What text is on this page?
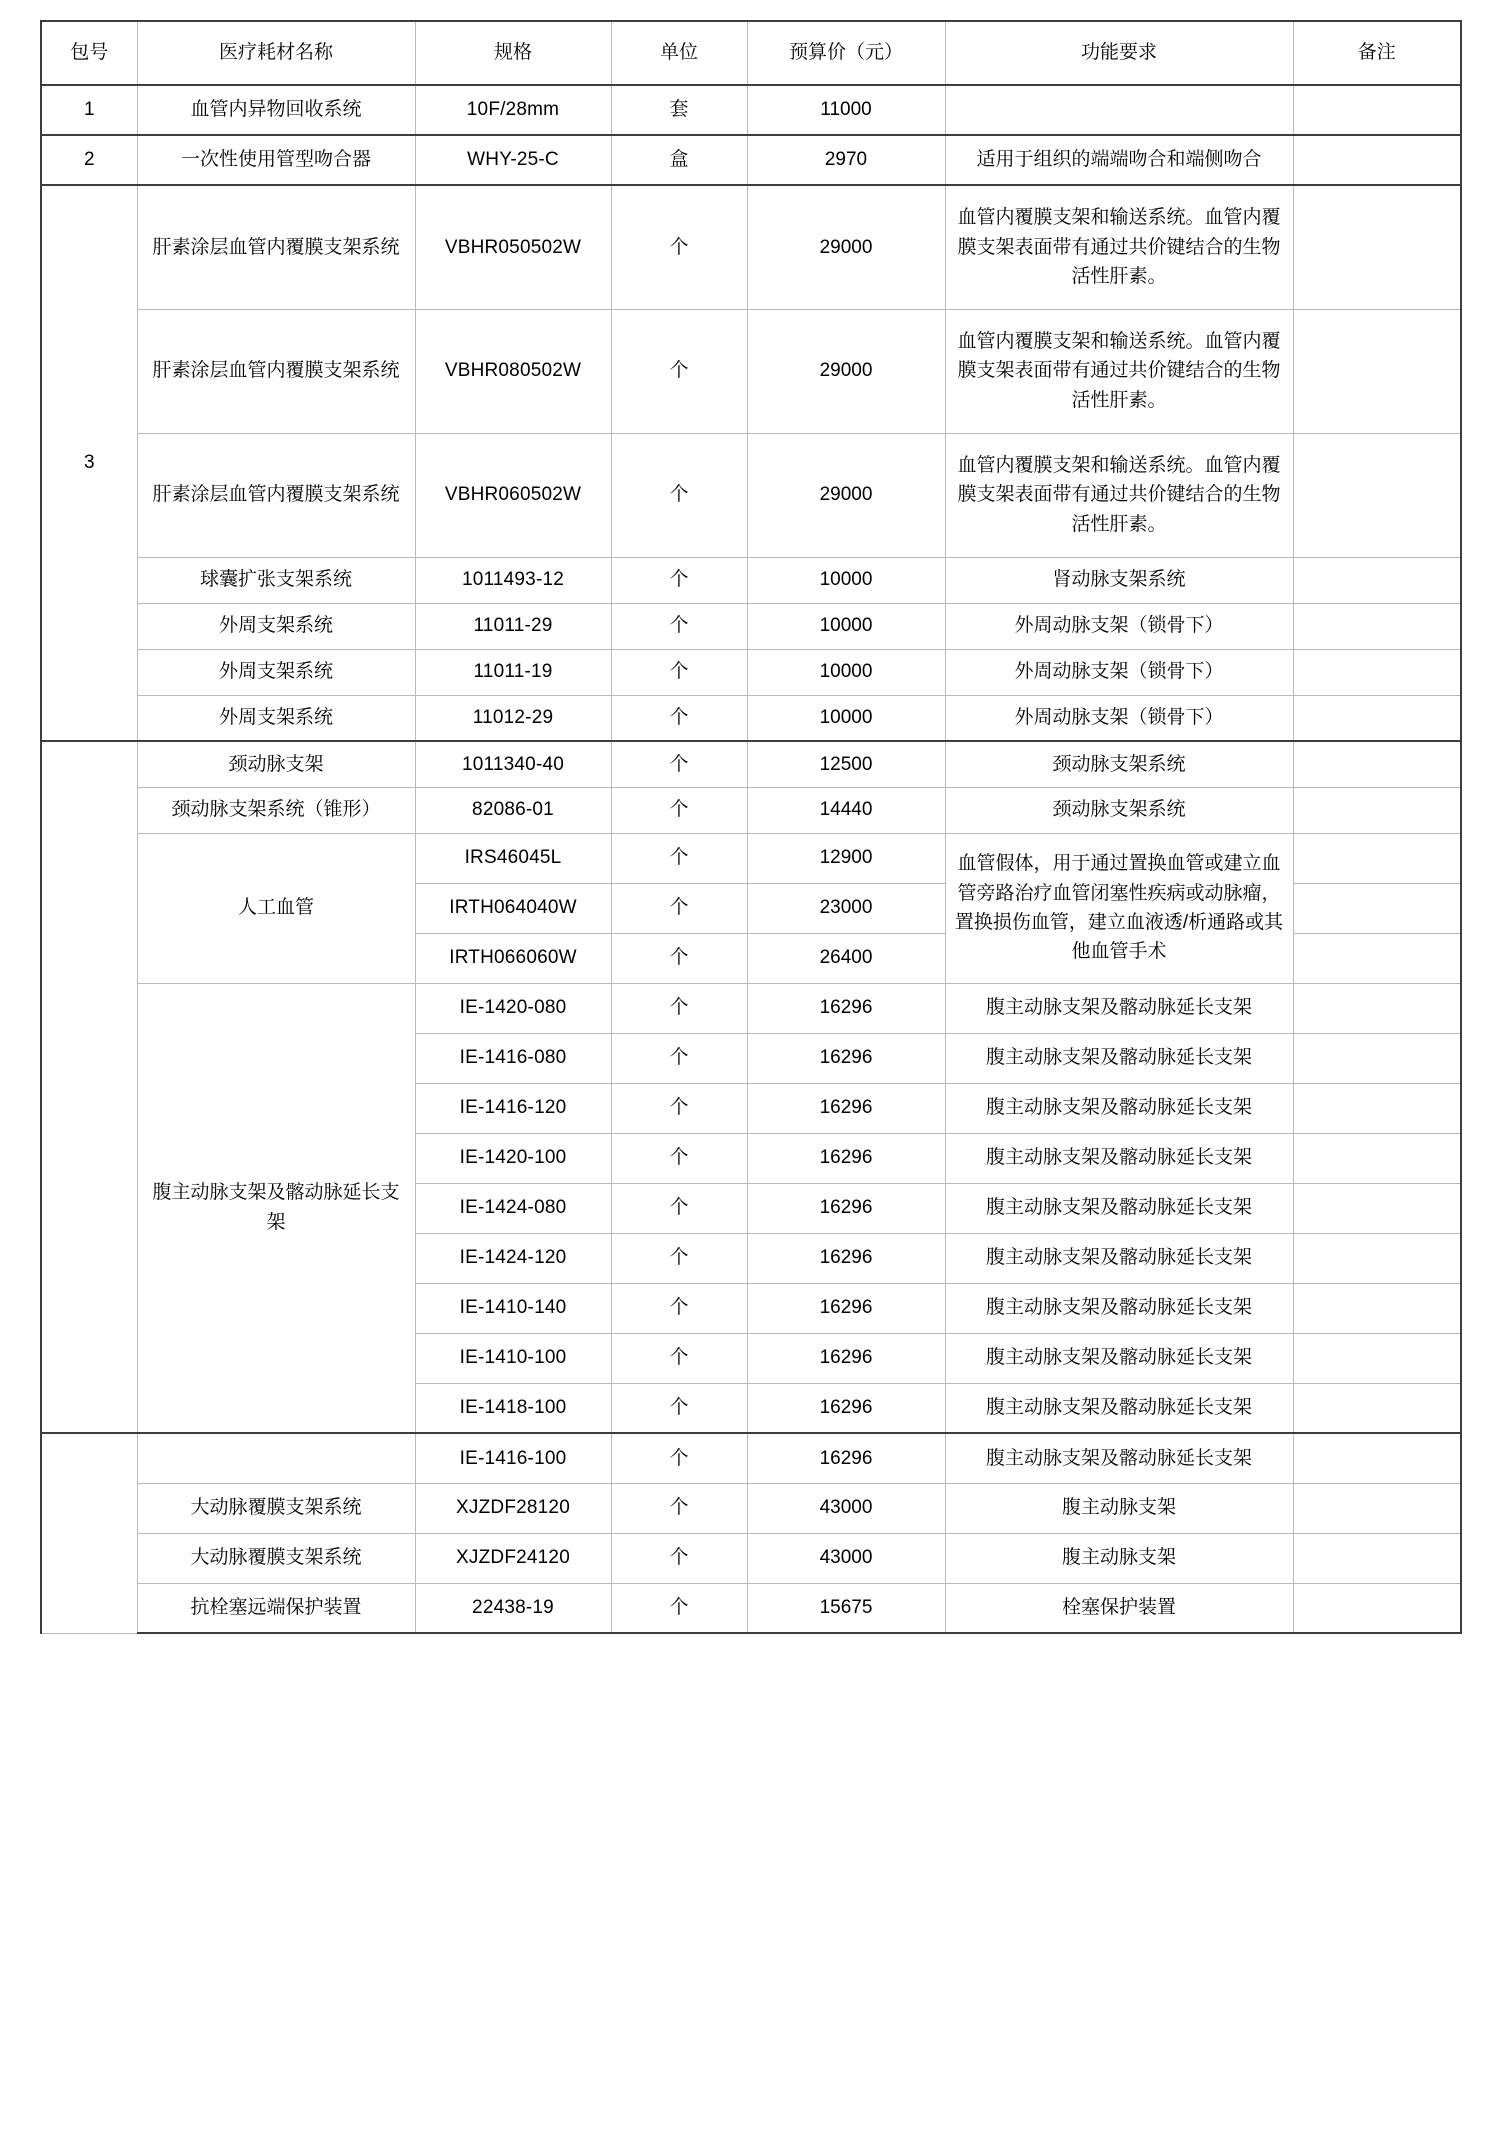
包号	医疗耗材名称	规格	单位	预算价（元）	功能要求	备注
1	血管内异物回收系统	10F/28mm	套	11000		
2	一次性使用管型吻合器	WHY-25-C	盒	2970	适用于组织的端端吻合和端侧吻合	
3	肝素涂层血管内覆膜支架系统	VBHR050502W	个	29000	血管内覆膜支架和输送系统。血管内覆膜支架表面带有通过共价键结合的生物活性肝素。	
	肝素涂层血管内覆膜支架系统	VBHR080502W	个	29000	血管内覆膜支架和输送系统。血管内覆膜支架表面带有通过共价键结合的生物活性肝素。	
	肝素涂层血管内覆膜支架系统	VBHR060502W	个	29000	血管内覆膜支架和输送系统。血管内覆膜支架表面带有通过共价键结合的生物活性肝素。	
	球囊扩张支架系统	1011493-12	个	10000	肾动脉支架系统	
	外周支架系统	11011-29	个	10000	外周动脉支架（锁骨下）	
	外周支架系统	11011-19	个	10000	外周动脉支架（锁骨下）	
	外周支架系统	11012-29	个	10000	外周动脉支架（锁骨下）	
	颈动脉支架	1011340-40	个	12500	颈动脉支架系统	
	颈动脉支架系统（锥形）	82086-01	个	14440	颈动脉支架系统	
	人工血管	IRS46045L	个	12900	血管假体，用于通过置换血管或建立血管旁路治疗血管闭塞性疾病或动脉瘤，置换损伤血管，建立血液透/析通路或其他血管手术	
		IRTH064040W	个	23000		
		IRTH066060W	个	26400		
	腹主动脉支架及髂动脉延长支架	IE-1420-080	个	16296	腹主动脉支架及髂动脉延长支架	
		IE-1416-080	个	16296	腹主动脉支架及髂动脉延长支架	
		IE-1416-120	个	16296	腹主动脉支架及髂动脉延长支架	
		IE-1420-100	个	16296	腹主动脉支架及髂动脉延长支架	
		IE-1424-080	个	16296	腹主动脉支架及髂动脉延长支架	
		IE-1424-120	个	16296	腹主动脉支架及髂动脉延长支架	
		IE-1410-140	个	16296	腹主动脉支架及髂动脉延长支架	
		IE-1410-100	个	16296	腹主动脉支架及髂动脉延长支架	
		IE-1418-100	个	16296	腹主动脉支架及髂动脉延长支架	
		IE-1416-100	个	16296	腹主动脉支架及髂动脉延长支架	
	大动脉覆膜支架系统	XJZDF28120	个	43000	腹主动脉支架	
	大动脉覆膜支架系统	XJZDF24120	个	43000	腹主动脉支架	
	抗栓塞远端保护装置	22438-19	个	15675	栓塞保护装置	
